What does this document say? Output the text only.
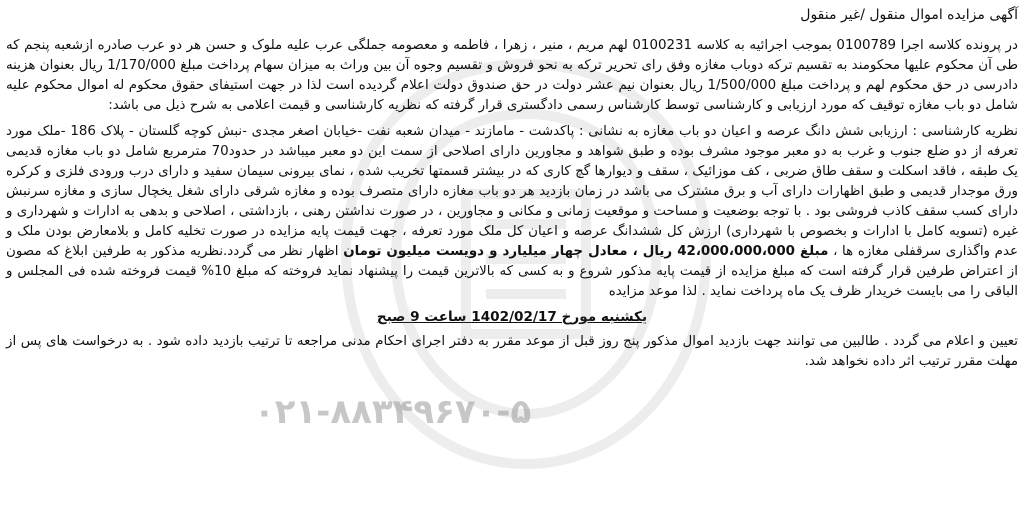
۰۲۱-۸۸۳۴۹۶۷۰-۵
آگهی مزایده اموال منقول /غیر منقول

در پرونده کلاسه اجرا 0100789 بموجب اجرائیه به کلاسه 0100231 لهم مریم ، منیر ، زهرا ، فاطمه و معصومه جملگی عرب علیه ملوک و حسن هر دو عرب صادره ازشعبه پنجم که طی آن محکوم علیها محکومند به تقسیم ترکه دوباب مغازه وفق رای تحریر ترکه به نحو فروش و تقسیم وجوه آن بین وراث به میزان سهام پرداخت مبلغ 1/170/000 ریال بعنوان هزینه دادرسی در حق محکوم لهم و پرداخت مبلغ 1/500/000 ریال بعنوان نیم عشر دولت در حق صندوق دولت اعلام گردیده است لذا در جهت استیفای حقوق محکوم له اموال محکوم علیه شامل دو باب مغازه توقیف که مورد ارزیابی و کارشناسی توسط کارشناس رسمی دادگستری قرار گرفته که نظریه کارشناسی و قیمت اعلامی به شرح ذیل می باشد:

نظریه کارشناسی : ارزیابی شش دانگ عرصه و اعیان دو باب مغازه به نشانی : پاکدشت - مامازند - میدان شعبه نفت -خیابان اصغر مجدی -نبش کوچه گلستان - پلاک 186 -ملک مورد تعرفه از دو ضلع جنوب و غرب به دو معبر موجود مشرف بوده و طبق شواهد و مجاورین دارای اصلاحی از سمت این دو معبر میباشد در حدود70 مترمربع شامل دو باب مغازه قدیمی یک طبقه ، فاقد اسکلت و سقف طاق ضربی ، کف موزائیک ، سقف و دیوارها گچ کاری که در بیشتر قسمتها تخریب شده ، نمای بیرونی سیمان سفید و دارای درب ورودی فلزی و کرکره ورق موجدار قدیمی و طبق اظهارات دارای آب و برق مشترک می باشد در زمان بازدید هر دو باب مغازه دارای متصرف بوده و مغازه شرقی دارای شغل یخچال سازی و مغازه سرنبش دارای کسب سقف کاذب فروشی بود . با توجه بوضعیت و مساحت و موقعیت زمانی و مکانی و مجاورین ، در صورت نداشتن رهنی ، بازداشتی ، اصلاحی و بدهی به ادارات و شهرداری و غیره (تسویه کامل با ادارات و بخصوص با شهرداری) ارزش کل ششدانگ عرصه و اعیان کل ملک مورد تعرفه ، جهت قیمت پایه مزایده در صورت تخلیه کامل و بلامعارض بودن ملک و عدم واگذاری سرقفلی مغازه ها ، مبلغ 42،000،000،000 ریال ، معادل چهار میلیارد و دویست میلیون تومان اظهار نظر می گردد.نظریه مذکور به طرفین ابلاغ که مصون از اعتراض طرفین قرار گرفته است که مبلغ مزایده از قیمت پایه مذکور شروع و به کسی که بالاترین قیمت را پیشنهاد نماید فروخته که مبلغ 10% قیمت فروخته شده فی المجلس و الباقی را می بایست خریدار ظرف یک ماه پرداخت نماید . لذا موعد مزایده

یکشنبه مورخ 1402/02/17 ساعت 9 صبح

تعیین و اعلام می گردد . طالبین می توانند جهت بازدید اموال مذکور پنج روز قبل از موعد مقرر به دفتر اجرای احکام مدنی مراجعه تا ترتیب بازدید داده شود . به درخواست های پس از مهلت مقرر ترتیب اثر داده نخواهد شد.
